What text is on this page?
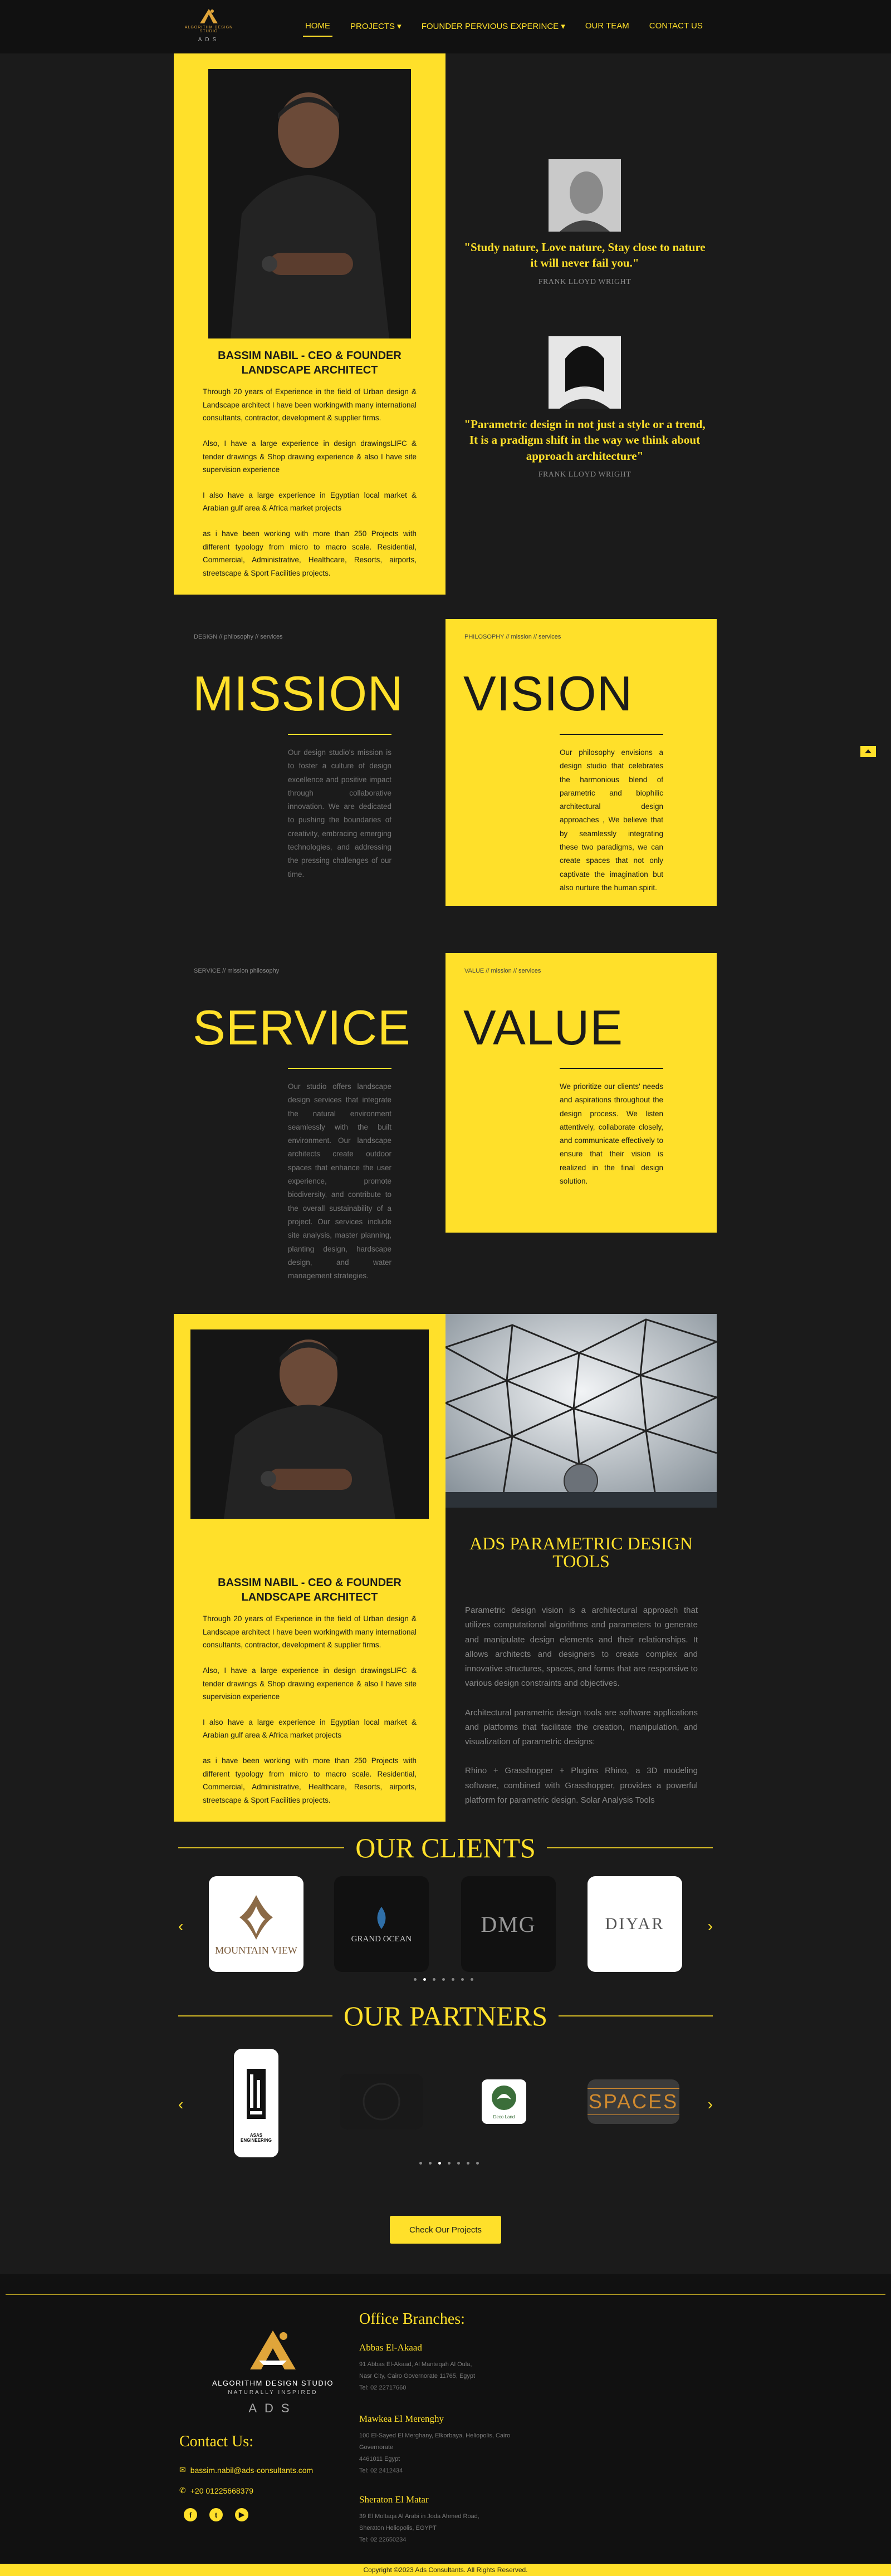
ALGORITHM DESIGN STUDIO
ADS
HOME	PROJECTS ▾	FOUNDER PERVIOUS EXPERINCE ▾	OUR TEAM	CONTACT US
BASSIM NABIL - CEO & FOUNDER LANDSCAPE ARCHITECT

Through 20 years of Experience in the field of Urban design & Landscape architect I have been workingwith many international consultants, contractor, development & supplier firms.

Also, I have a large experience in design drawingsLIFC & tender drawings & Shop drawing experience & also I have site supervision experience

I also have a large experience in Egyptian local market & Arabian gulf area & Africa market projects

as i have been working with more than 250 Projects with different typology from micro to macro scale. Residential, Commercial, Administrative, Healthcare, Resorts, airports, streetscape & Sport Facilities projects.

"Study nature, Love nature, Stay close to nature it will never fail you."
FRANK LLOYD WRIGHT
"Parametric design in not just a style or a trend, It is a pradigm shift in the way we think about approach architecture"
FRANK LLOYD WRIGHT
DESIGN // philosophy // services
MISSION
Our design studio's mission is to foster a culture of design excellence and positive impact through collaborative innovation. We are dedicated to pushing the boundaries of creativity, embracing emerging technologies, and addressing the pressing challenges of our time.
PHILOSOPHY // mission // services
VISION
Our philosophy envisions a design studio that celebrates the harmonious blend of parametric and biophilic architectural design approaches , We believe that by seamlessly integrating these two paradigms, we can create spaces that not only captivate the imagination but also nurture the human spirit.
SERVICE // mission philosophy
SERVICE
Our studio offers landscape design services that integrate the natural environment seamlessly with the built environment. Our landscape architects create outdoor spaces that enhance the user experience, promote biodiversity, and contribute to the overall sustainability of a project. Our services include site analysis, master planning, planting design, hardscape design, and water management strategies.
VALUE // mission // services
VALUE
We prioritize our clients' needs and aspirations throughout the design process. We listen attentively, collaborate closely, and communicate effectively to ensure that their vision is realized in the final design solution.
BASSIM NABIL - CEO & FOUNDER LANDSCAPE ARCHITECT

Through 20 years of Experience in the field of Urban design & Landscape architect I have been workingwith many international consultants, contractor, development & supplier firms.

Also, I have a large experience in design drawingsLIFC & tender drawings & Shop drawing experience & also I have site supervision experience

I also have a large experience in Egyptian local market & Arabian gulf area & Africa market projects

as i have been working with more than 250 Projects with different typology from micro to macro scale. Residential, Commercial, Administrative, Healthcare, Resorts, airports, streetscape & Sport Facilities projects.

ADS PARAMETRIC DESIGN TOOLS

Parametric design vision is a architectural approach that utilizes computational algorithms and parameters to generate and manipulate design elements and their relationships. It allows architects and designers to create complex and innovative structures, spaces, and forms that are responsive to various design constraints and objectives.

Architectural parametric design tools are software applications and platforms that facilitate the creation, manipulation, and visualization of parametric designs:

Rhino + Grasshopper + Plugins Rhino, a 3D modeling software, combined with Grasshopper, provides a powerful platform for parametric design. Solar Analysis Tools

OUR CLIENTS
‹
MOUNTAIN VIEW
GRAND OCEAN
DMG	DIYAR	›
OUR PARTNERS
‹
ASAS ENGINEERING
Deco Land
SPACES ›
Check Our Projects
ALGORITHM DESIGN STUDIO
NATURALLY INSPIRED
ADS
Contact Us:
✉ bassim.nabil@ads-consultants.com
✆ +20 01225668379
f	t	▶
Office Branches:
Abbas El-Akaad
91 Abbas El-Akaad, Al Manteqah Al Oula,
Nasr City, Cairo Governorate 11765, Egypt
Tel: 02 22717660
Mawkea El Merenghy
100 El-Sayed El Merghany, Elkorbaya, Heliopolis, Cairo
Governorate
4461011 Egypt
Tel: 02 2412434
Sheraton El Matar
39 El Moltaqa Al Arabi in Joda Ahmed Road,
Sheraton Heliopolis, EGYPT
Tel: 02 22650234
Copyright ©2023 Ads Consultants. All Rights Reserved.
